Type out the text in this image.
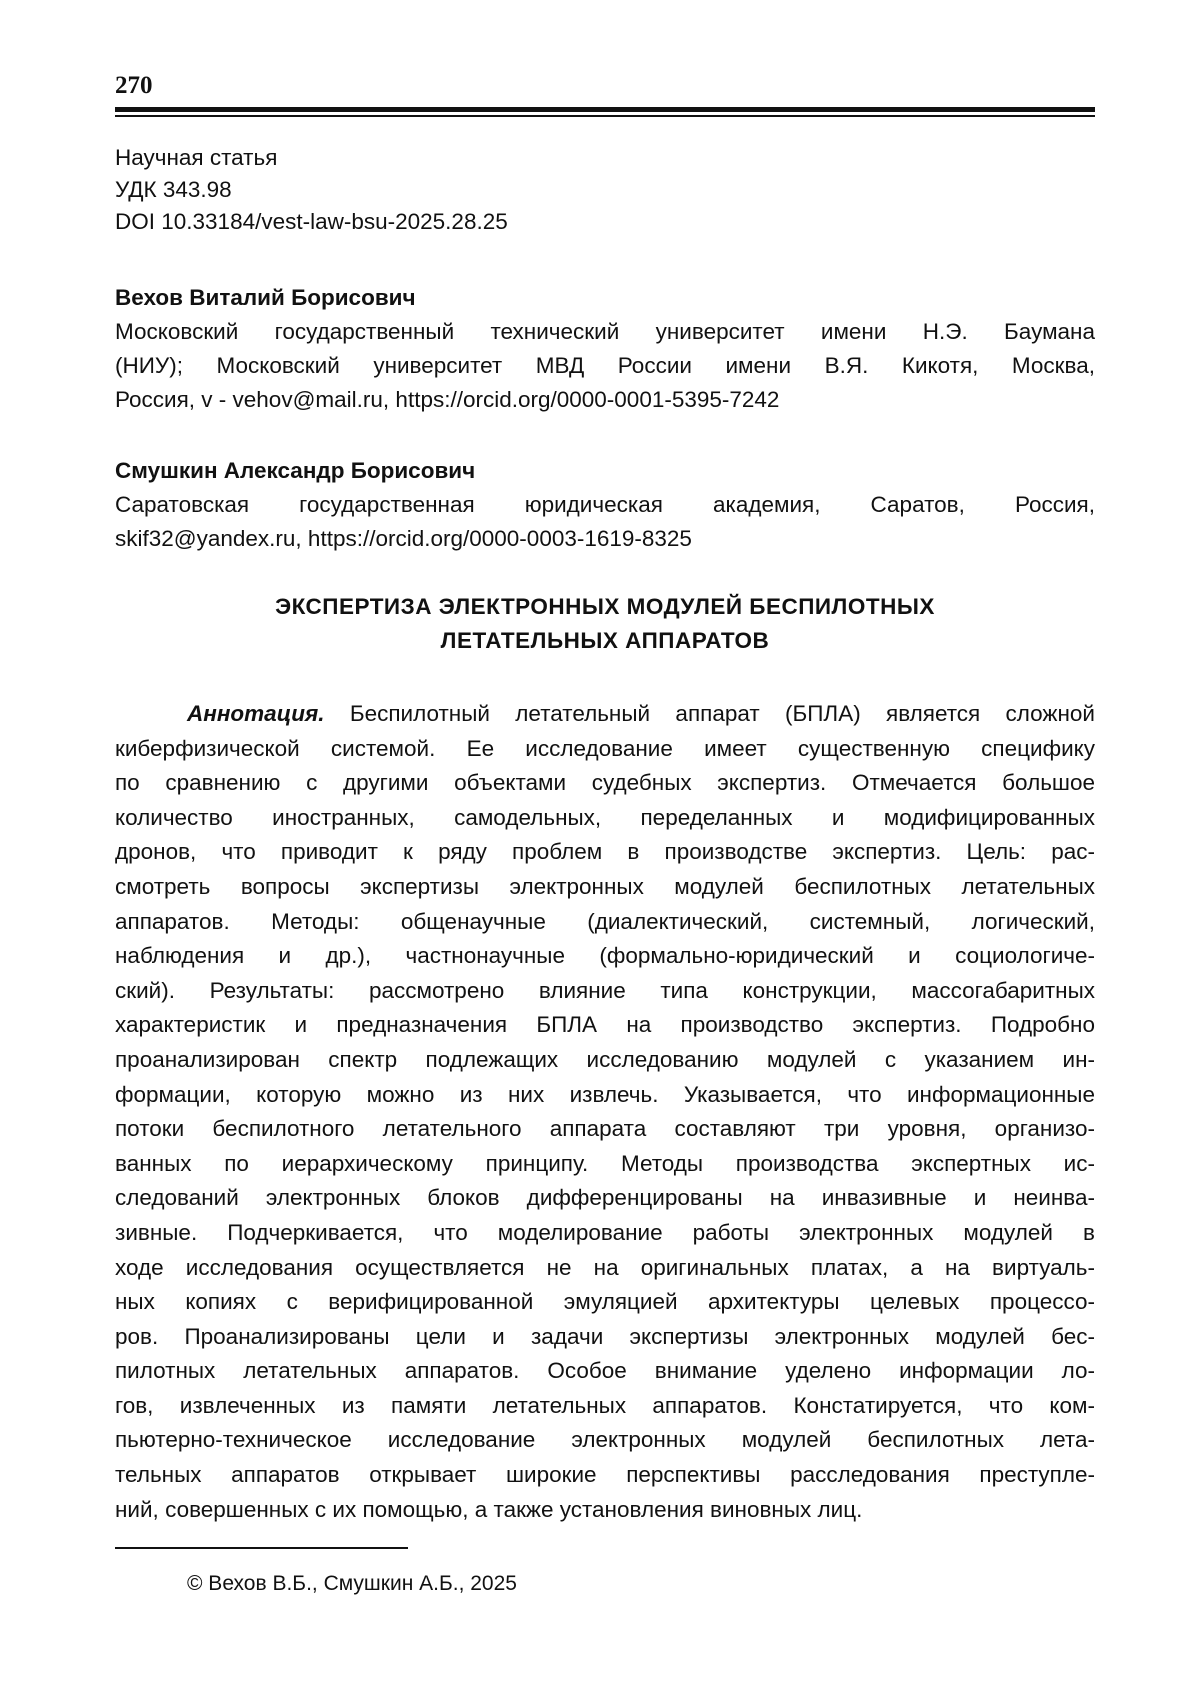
270
Научная статья
УДК 343.98
DOI 10.33184/vest-law-bsu-2025.28.25
Вехов Виталий Борисович
Московский государственный технический университет имени Н.Э. Баумана
(НИУ); Московский университет МВД России имени В.Я. Кикотя, Москва,
Россия, v - vehov@mail.ru, https://orcid.org/0000-0001-5395-7242
Смушкин Александр Борисович
Саратовская государственная юридическая академия, Саратов, Россия,
skif32@yandex.ru, https://orcid.org/0000-0003-1619-8325
ЭКСПЕРТИЗА ЭЛЕКТРОННЫХ МОДУЛЕЙ БЕСПИЛОТНЫХ
ЛЕТАТЕЛЬНЫХ АППАРАТОВ
Аннотация. Беспилотный летательный аппарат (БПЛА) является сложной
киберфизической системой. Ее исследование имеет существенную специфику
по сравнению с другими объектами судебных экспертиз. Отмечается большое
количество иностранных, самодельных, переделанных и модифицированных
дронов, что приводит к ряду проблем в производстве экспертиз. Цель: рас-
смотреть вопросы экспертизы электронных модулей беспилотных летательных
аппаратов. Методы: общенаучные (диалектический, системный, логический,
наблюдения и др.), частнонаучные (формально-юридический и социологиче-
ский). Результаты: рассмотрено влияние типа конструкции, массогабаритных
характеристик и предназначения БПЛА на производство экспертиз. Подробно
проанализирован спектр подлежащих исследованию модулей с указанием ин-
формации, которую можно из них извлечь. Указывается, что информационные
потоки беспилотного летательного аппарата составляют три уровня, организо-
ванных по иерархическому принципу. Методы производства экспертных ис-
следований электронных блоков дифференцированы на инвазивные и неинва-
зивные. Подчеркивается, что моделирование работы электронных модулей в
ходе исследования осуществляется не на оригинальных платах, а на виртуаль-
ных копиях с верифицированной эмуляцией архитектуры целевых процессо-
ров. Проанализированы цели и задачи экспертизы электронных модулей бес-
пилотных летательных аппаратов. Особое внимание уделено информации ло-
гов, извлеченных из памяти летательных аппаратов. Констатируется, что ком-
пьютерно-техническое исследование электронных модулей беспилотных лета-
тельных аппаратов открывает широкие перспективы расследования преступле-
ний, совершенных с их помощью, а также установления виновных лиц.
© Вехов В.Б., Смушкин А.Б., 2025
